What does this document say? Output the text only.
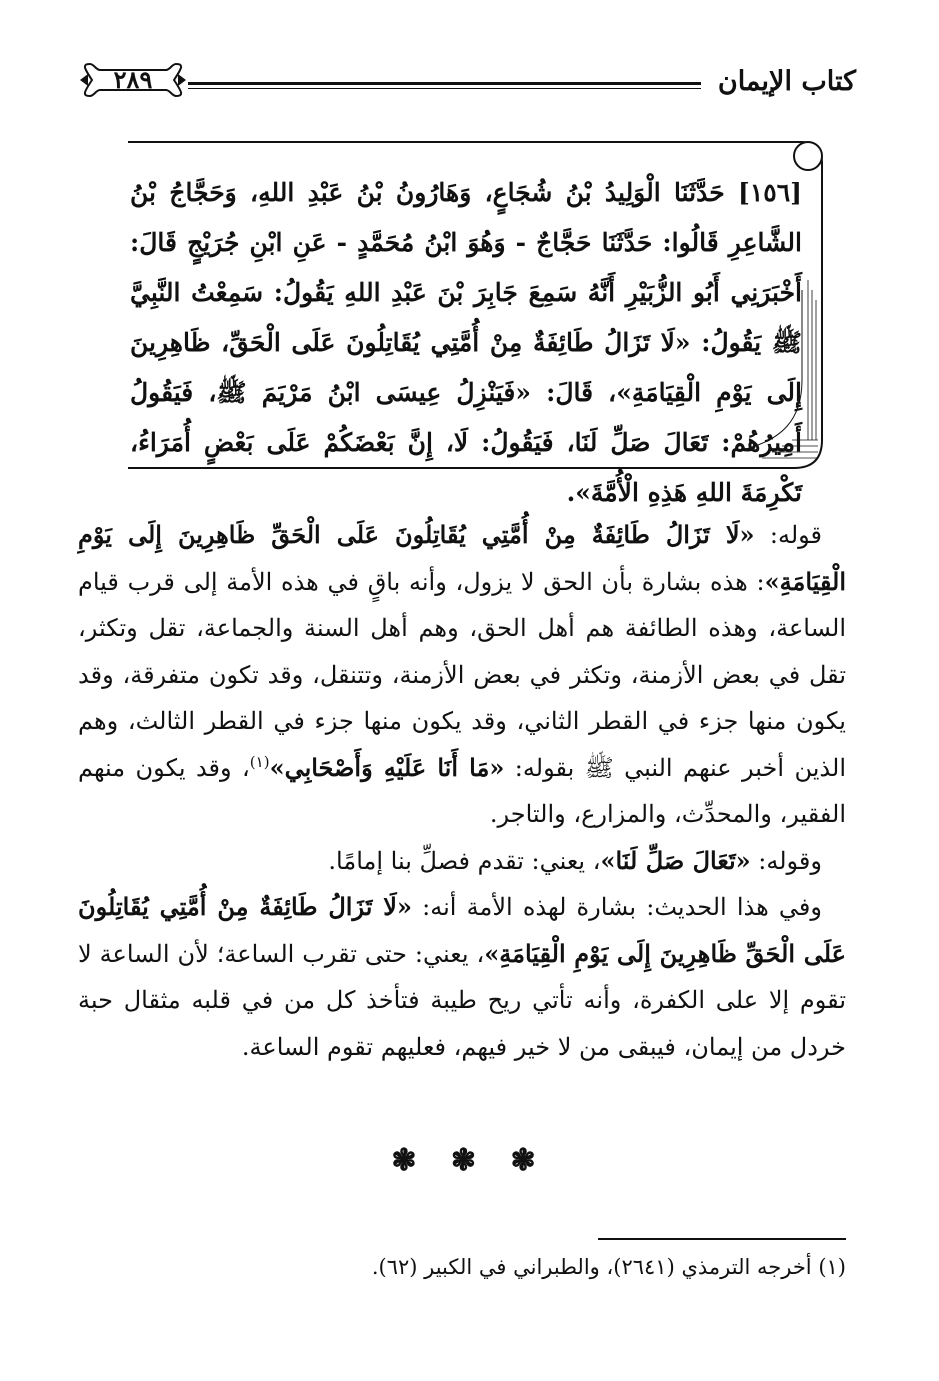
كتاب الإيمان
٢٨٩
[١٥٦] حَدَّثَنَا الْوَلِيدُ بْنُ شُجَاعٍ، وَهَارُونُ بْنُ عَبْدِ اللهِ، وَحَجَّاجُ بْنُ الشَّاعِرِ قَالُوا: حَدَّثَنَا حَجَّاجٌ - وَهُوَ ابْنُ مُحَمَّدٍ - عَنِ ابْنِ جُرَيْجٍ قَالَ: أَخْبَرَنِي أَبُو الزُّبَيْرِ أَنَّهُ سَمِعَ جَابِرَ بْنَ عَبْدِ اللهِ يَقُولُ: سَمِعْتُ النَّبِيَّ ﷺ يَقُولُ: «لَا تَزَالُ طَائِفَةٌ مِنْ أُمَّتِي يُقَاتِلُونَ عَلَى الْحَقِّ، ظَاهِرِينَ إِلَى يَوْمِ الْقِيَامَةِ»، قَالَ: «فَيَنْزِلُ عِيسَى ابْنُ مَرْيَمَ ﷺ، فَيَقُولُ أَمِيرُهُمْ: تَعَالَ صَلِّ لَنَا، فَيَقُولُ: لَا، إِنَّ بَعْضَكُمْ عَلَى بَعْضٍ أُمَرَاءُ، تَكْرِمَةَ اللهِ هَذِهِ الْأُمَّةَ».

قوله: «لَا تَزَالُ طَائِفَةٌ مِنْ أُمَّتِي يُقَاتِلُونَ عَلَى الْحَقِّ ظَاهِرِينَ إِلَى يَوْمِ الْقِيَامَةِ»: هذه بشارة بأن الحق لا يزول، وأنه باقٍ في هذه الأمة إلى قرب قيام الساعة، وهذه الطائفة هم أهل الحق، وهم أهل السنة والجماعة، تقل وتكثر، تقل في بعض الأزمنة، وتكثر في بعض الأزمنة، وتتنقل، وقد تكون متفرقة، وقد يكون منها جزء في القطر الثاني، وقد يكون منها جزء في القطر الثالث، وهم الذين أخبر عنهم النبي ﷺ بقوله: «مَا أَنَا عَلَيْهِ وَأَصْحَابِي»$^{(١)}$، وقد يكون منهم الفقير، والمحدِّث، والمزارع، والتاجر.

وقوله: «تَعَالَ صَلِّ لَنَا»، يعني: تقدم فصلِّ بنا إمامًا.

وفي هذا الحديث: بشارة لهذه الأمة أنه: «لَا تَزَالُ طَائِفَةٌ مِنْ أُمَّتِي يُقَاتِلُونَ عَلَى الْحَقِّ ظَاهِرِينَ إِلَى يَوْمِ الْقِيَامَةِ»، يعني: حتى تقرب الساعة؛ لأن الساعة لا تقوم إلا على الكفرة، وأنه تأتي ريح طيبة فتأخذ كل من في قلبه مثقال حبة خردل من إيمان، فيبقى من لا خير فيهم، فعليهم تقوم الساعة.

❃ ❃ ❃
(١) أخرجه الترمذي (٢٦٤١)، والطبراني في الكبير (٦٢).
